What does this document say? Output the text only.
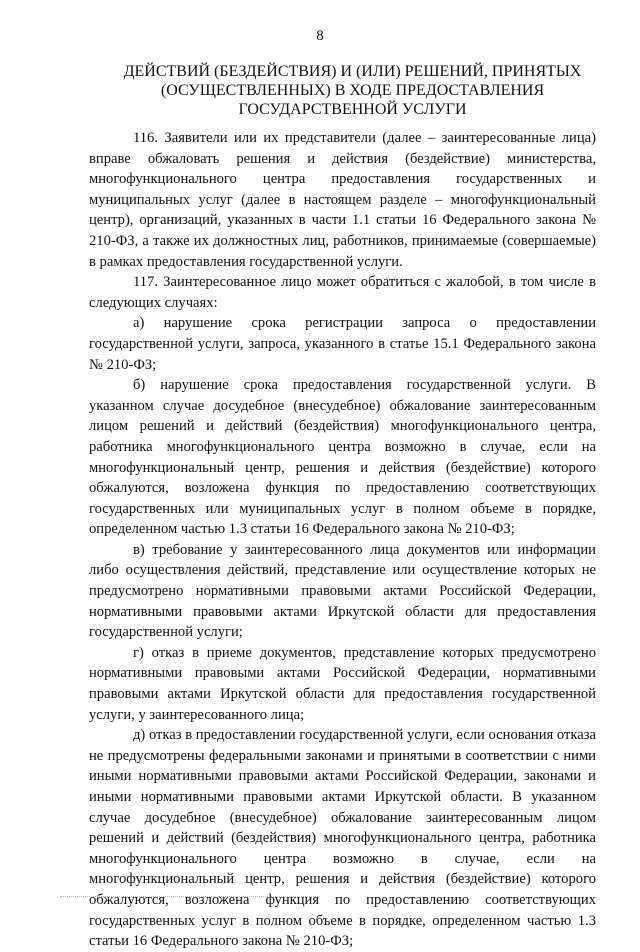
8
ДЕЙСТВИЙ (БЕЗДЕЙСТВИЯ) И (ИЛИ) РЕШЕНИЙ, ПРИНЯТЫХ
(ОСУЩЕСТВЛЕННЫХ) В ХОДЕ ПРЕДОСТАВЛЕНИЯ
ГОСУДАРСТВЕННОЙ УСЛУГИ

116. Заявители или их представители (далее – заинтересованные лица) вправе обжаловать решения и действия (бездействие) министерства, многофункционального центра предоставления государственных и муниципальных услуг (далее в настоящем разделе – многофункциональный центр), организаций, указанных в части 1.1 статьи 16 Федерального закона № 210-ФЗ, а также их должностных лиц, работников, принимаемые (совершаемые) в рамках предоставления государственной услуги.

117. Заинтересованное лицо может обратиться с жалобой, в том числе в следующих случаях:

а) нарушение срока регистрации запроса о предоставлении государственной услуги, запроса, указанного в статье 15.1 Федерального закона № 210-ФЗ;

б) нарушение срока предоставления государственной услуги. В указанном случае досудебное (внесудебное) обжалование заинтересованным лицом решений и действий (бездействия) многофункционального центра, работника многофункционального центра возможно в случае, если на многофункциональный центр, решения и действия (бездействие) которого обжалуются, возложена функция по предоставлению соответствующих государственных или муниципальных услуг в полном объеме в порядке, определенном частью 1.3 статьи 16 Федерального закона № 210-ФЗ;

в) требование у заинтересованного лица документов или информации либо осуществления действий, представление или осуществление которых не предусмотрено нормативными правовыми актами Российской Федерации, нормативными правовыми актами Иркутской области для предоставления государственной услуги;

г) отказ в приеме документов, представление которых предусмотрено нормативными правовыми актами Российской Федерации, нормативными правовыми актами Иркутской области для предоставления государственной услуги, у заинтересованного лица;

д) отказ в предоставлении государственной услуги, если основания отказа не предусмотрены федеральными законами и принятыми в соответствии с ними иными нормативными правовыми актами Российской Федерации, законами и иными нормативными правовыми актами Иркутской области. В указанном случае досудебное (внесудебное) обжалование заинтересованным лицом решений и действий (бездействия) многофункционального центра, работника многофункционального центра возможно в случае, если на многофункциональный центр, решения и действия (бездействие) которого обжалуются, возложена функция по предоставлению соответствующих государственных услуг в полном объеме в порядке, определенном частью 1.3 статьи 16 Федерального закона № 210-ФЗ;
